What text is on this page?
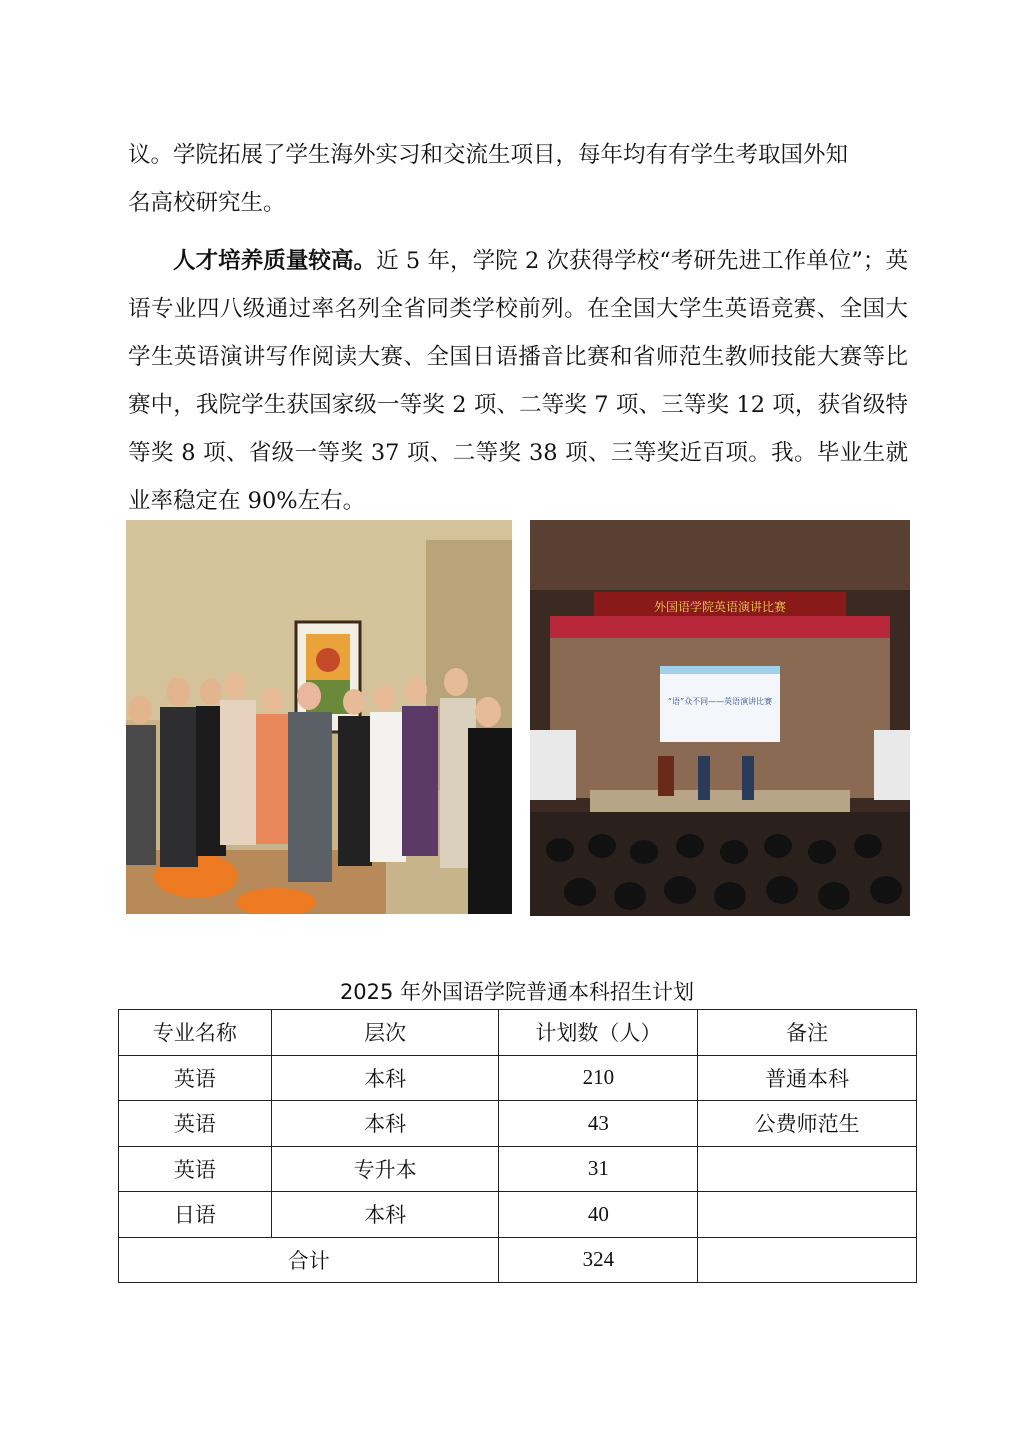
议。学院拓展了学生海外实习和交流生项目，每年均有有学生考取国外知
名高校研究生。

人才培养质量较高。近 5 年，学院 2 次获得学校“考研先进工作单位”；英语专业四八级通过率名列全省同类学校前列。在全国大学生英语竞赛、全国大学生英语演讲写作阅读大赛、全国日语播音比赛和省师范生教师技能大赛等比赛中，我院学生获国家级一等奖 2 项、二等奖 7 项、三等奖 12 项，获省级特等奖 8 项、省级一等奖 37 项、二等奖 38 项、三等奖近百项。我。毕业生就业率稳定在 90%左右。

外国语学院英语演讲比赛
“语”众不同——英语演讲比赛
2025 年外国语学院普通本科招生计划
专业名称	层次	计划数（人）	备注
英语	本科	210	普通本科
英语	本科	43	公费师范生
英语	专升本	31	
日语	本科	40	
合计		324	
